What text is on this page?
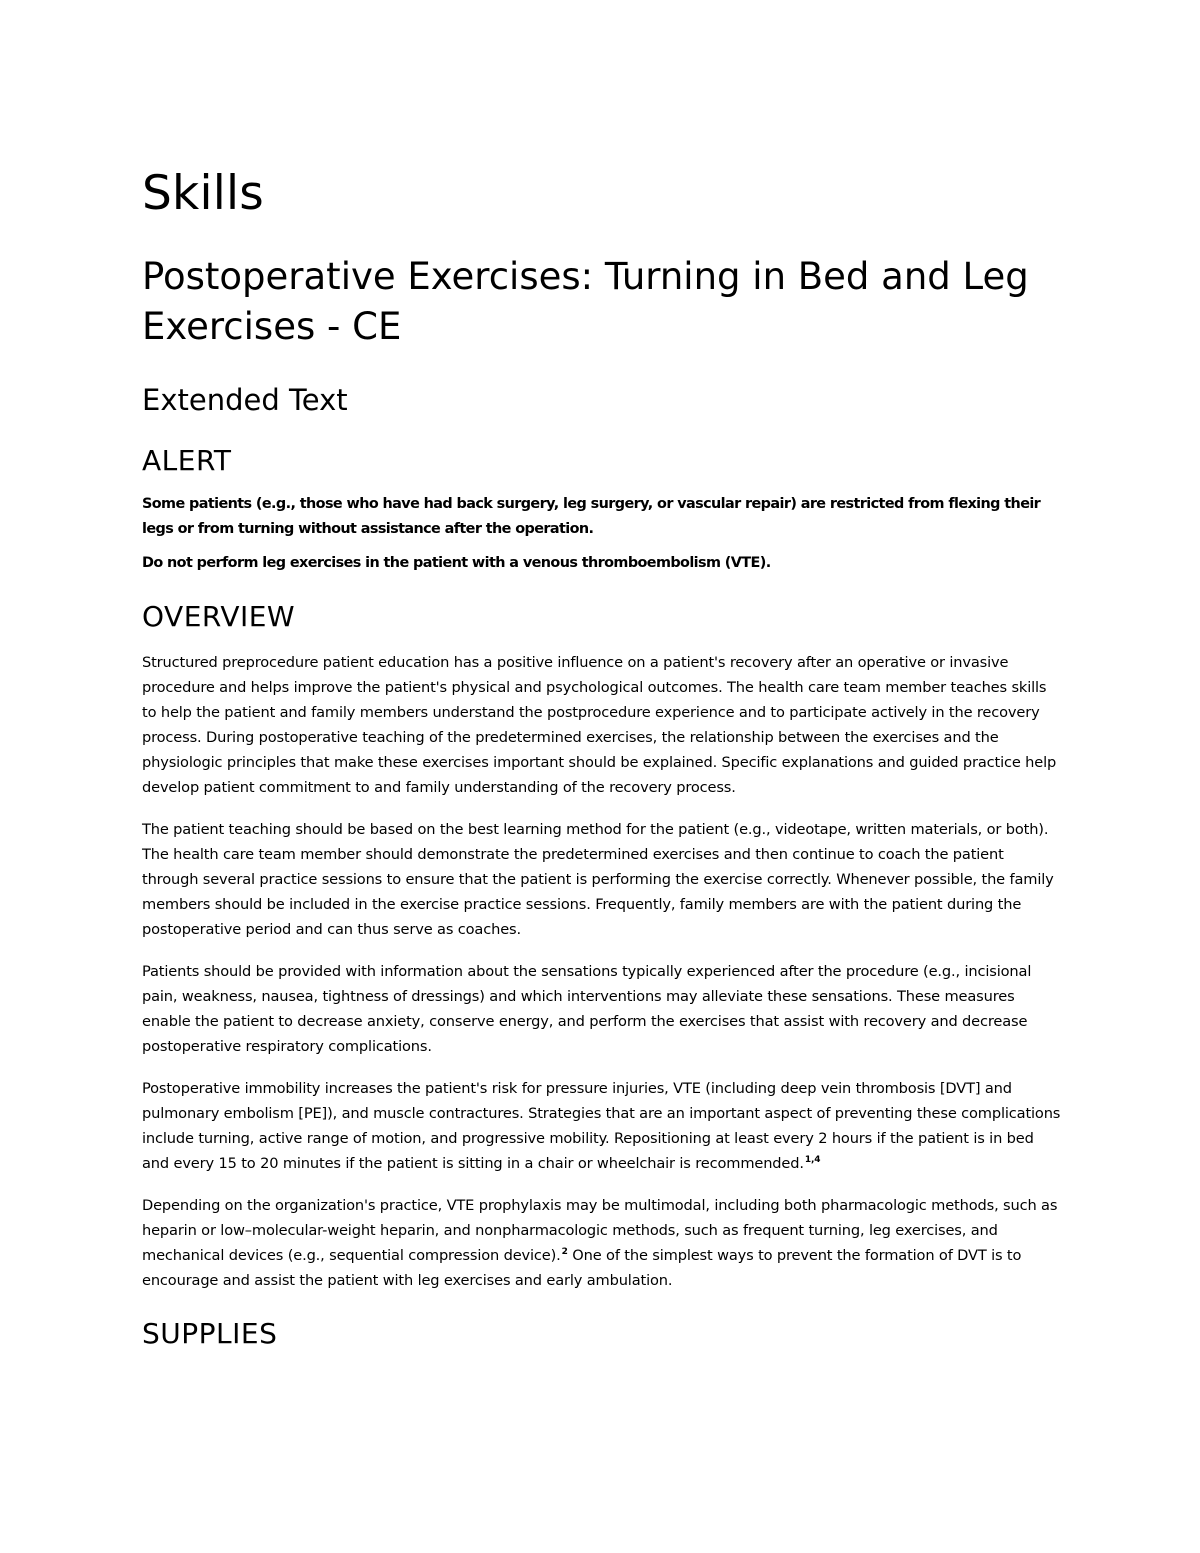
Skills
Postoperative Exercises: Turning in Bed and Leg Exercises - CE
Extended Text
ALERT

Some patients (e.g., those who have had back surgery, leg surgery, or vascular repair) are restricted from flexing their legs or from turning without assistance after the operation.

Do not perform leg exercises in the patient with a venous thromboembolism (VTE).

OVERVIEW

Structured preprocedure patient education has a positive influence on a patient's recovery after an operative or invasive procedure and helps improve the patient's physical and psychological outcomes. The health care team member teaches skills to help the patient and family members understand the postprocedure experience and to participate actively in the recovery process. During postoperative teaching of the predetermined exercises, the relationship between the exercises and the physiologic principles that make these exercises important should be explained. Specific explanations and guided practice help develop patient commitment to and family understanding of the recovery process.

The patient teaching should be based on the best learning method for the patient (e.g., videotape, written materials, or both). The health care team member should demonstrate the predetermined exercises and then continue to coach the patient through several practice sessions to ensure that the patient is performing the exercise correctly. Whenever possible, the family members should be included in the exercise practice sessions. Frequently, family members are with the patient during the postoperative period and can thus serve as coaches.

Patients should be provided with information about the sensations typically experienced after the procedure (e.g., incisional pain, weakness, nausea, tightness of dressings) and which interventions may alleviate these sensations. These measures enable the patient to decrease anxiety, conserve energy, and perform the exercises that assist with recovery and decrease postoperative respiratory complications.

Postoperative immobility increases the patient's risk for pressure injuries, VTE (including deep vein thrombosis [DVT] and pulmonary embolism [PE]), and muscle contractures. Strategies that are an important aspect of preventing these complications include turning, active range of motion, and progressive mobility. Repositioning at least every 2 hours if the patient is in bed and every 15 to 20 minutes if the patient is sitting in a chair or wheelchair is recommended.$^{1,4}$

Depending on the organization's practice, VTE prophylaxis may be multimodal, including both pharmacologic methods, such as heparin or low–molecular-weight heparin, and nonpharmacologic methods, such as frequent turning, leg exercises, and mechanical devices (e.g., sequential compression device).$^2$ One of the simplest ways to prevent the formation of DVT is to encourage and assist the patient with leg exercises and early ambulation.

SUPPLIES
